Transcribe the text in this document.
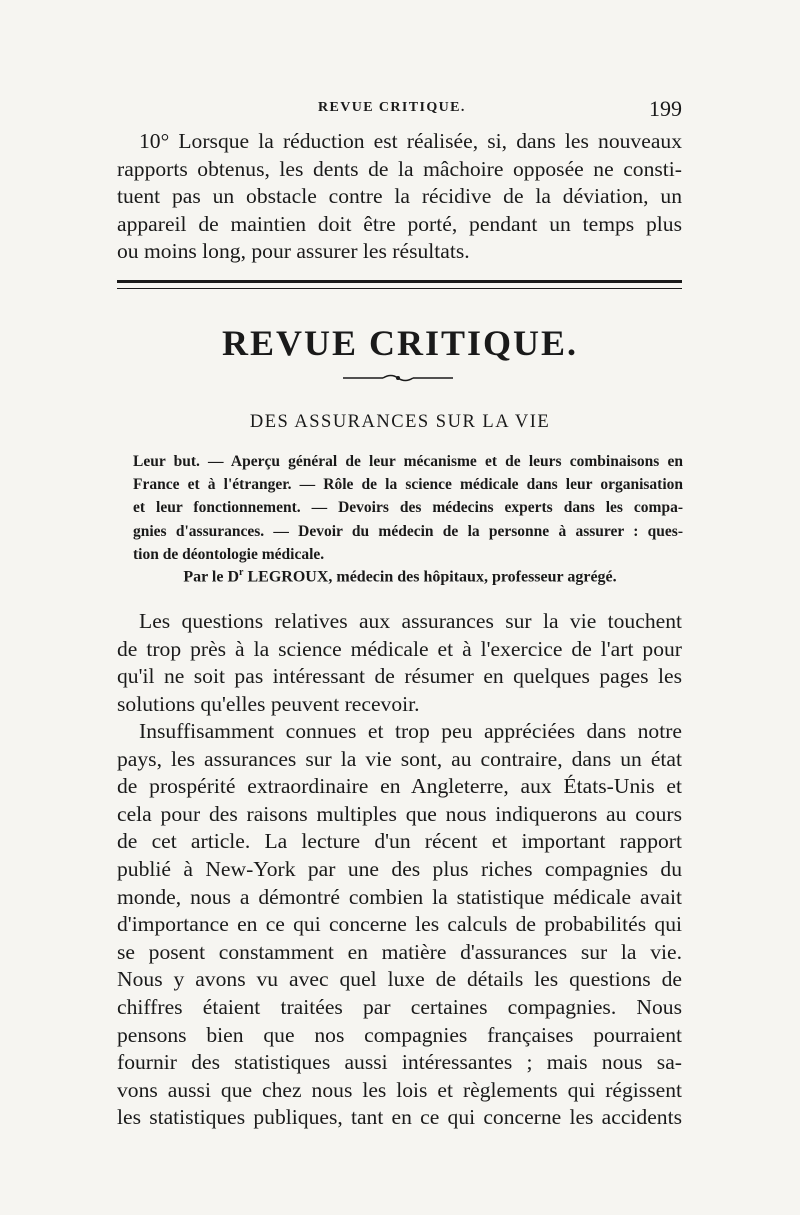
REVUE CRITIQUE.	199
10° Lorsque la réduction est réalisée, si, dans les nouveaux
rapports obtenus, les dents de la mâchoire opposée ne consti-
tuent pas un obstacle contre la récidive de la déviation, un
appareil de maintien doit être porté, pendant un temps plus
ou moins long, pour assurer les résultats.
REVUE CRITIQUE.
DES ASSURANCES SUR LA VIE
Leur but. — Aperçu général de leur mécanisme et de leurs combinaisons en
France et à l'étranger. — Rôle de la science médicale dans leur organisation
et leur fonctionnement. — Devoirs des médecins experts dans les compa-
gnies d'assurances. — Devoir du médecin de la personne à assurer : ques-
tion de déontologie médicale.
Par le $D^r$ LEGROUX, médecin des hôpitaux, professeur agrégé.
Les questions relatives aux assurances sur la vie touchent
de trop près à la science médicale et à l'exercice de l'art pour
qu'il ne soit pas intéressant de résumer en quelques pages les
solutions qu'elles peuvent recevoir.
Insuffisamment connues et trop peu appréciées dans notre
pays, les assurances sur la vie sont, au contraire, dans un état
de prospérité extraordinaire en Angleterre, aux États-Unis et
cela pour des raisons multiples que nous indiquerons au cours
de cet article. La lecture d'un récent et important rapport
publié à New-York par une des plus riches compagnies du
monde, nous a démontré combien la statistique médicale avait
d'importance en ce qui concerne les calculs de probabilités qui
se posent constamment en matière d'assurances sur la vie.
Nous y avons vu avec quel luxe de détails les questions de
chiffres étaient traitées par certaines compagnies. Nous
pensons bien que nos compagnies françaises pourraient
fournir des statistiques aussi intéressantes ; mais nous sa-
vons aussi que chez nous les lois et règlements qui régissent
les statistiques publiques, tant en ce qui concerne les accidents
